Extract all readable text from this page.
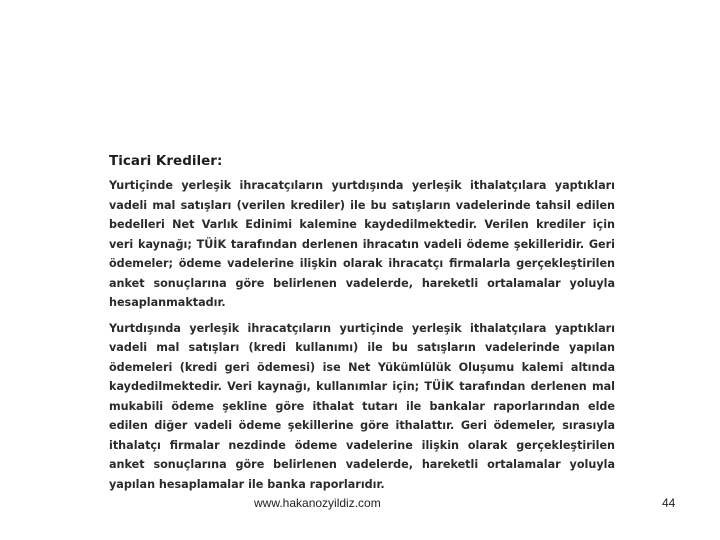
Ticari Krediler:

Yurtiçinde yerleşik ihracatçıların yurtdışında yerleşik ithalatçılara yaptıkları vadeli mal satışları (verilen krediler) ile bu satışların vadelerinde tahsil edilen bedelleri Net Varlık Edinimi kalemine kaydedilmektedir. Verilen krediler için veri kaynağı; TÜİK tarafından derlenen ihracatın vadeli ödeme şekilleridir. Geri ödemeler; ödeme vadelerine ilişkin olarak ihracatçı firmalarla gerçekleştirilen anket sonuçlarına göre belirlenen vadelerde, hareketli ortalamalar yoluyla hesaplanmaktadır.

Yurtdışında yerleşik ihracatçıların yurtiçinde yerleşik ithalatçılara yaptıkları vadeli mal satışları (kredi kullanımı) ile bu satışların vadelerinde yapılan ödemeleri (kredi geri ödemesi) ise Net Yükümlülük Oluşumu kalemi altında kaydedilmektedir. Veri kaynağı, kullanımlar için; TÜİK tarafından derlenen mal mukabili ödeme şekline göre ithalat tutarı ile bankalar raporlarından elde edilen diğer vadeli ödeme şekillerine göre ithalattır. Geri ödemeler, sırasıyla ithalatçı firmalar nezdinde ödeme vadelerine ilişkin olarak gerçekleştirilen anket sonuçlarına göre belirlenen vadelerde, hareketli ortalamalar yoluyla yapılan hesaplamalar ile banka raporlarıdır.

www.hakanozyildiz.com	44
